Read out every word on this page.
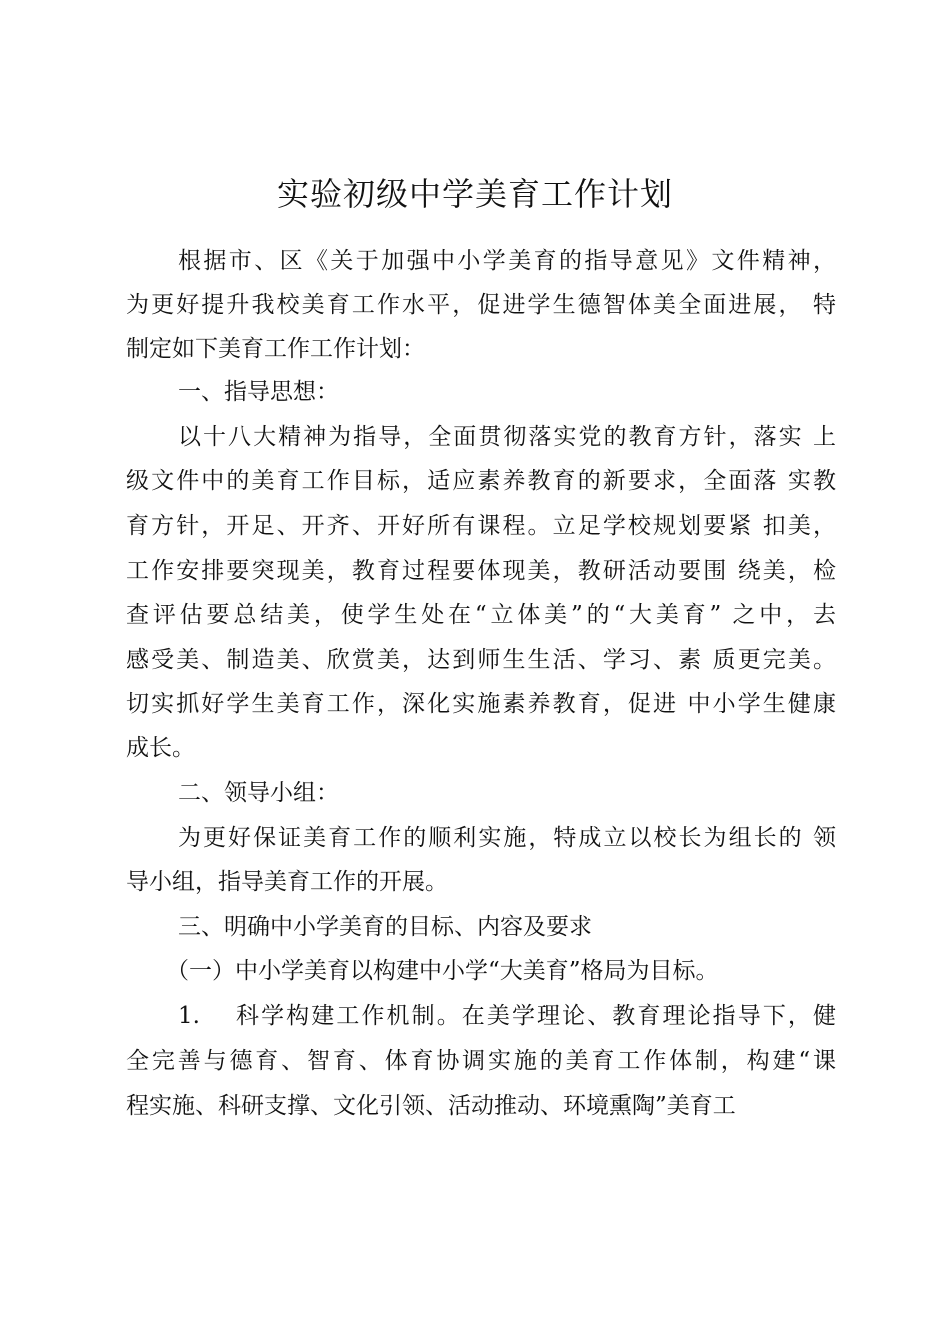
实验初级中学美育工作计划
根据市、区《关于加强中小学美育的指导意见》文件精神，
为更好提升我校美育工作水平，促进学生德智体美全面进展， 特
制定如下美育工作工作计划：
一、指导思想：
以十八大精神为指导，全面贯彻落实党的教育方针，落实 上
级文件中的美育工作目标，适应素养教育的新要求，全面落 实教
育方针，开足、开齐、开好所有课程。立足学校规划要紧 扣美，
工作安排要突现美，教育过程要体现美，教研活动要围 绕美，检
查评估要总结美，使学生处在“立体美”的“大美育” 之中，去
感受美、制造美、欣赏美，达到师生生活、学习、素 质更完美。
切实抓好学生美育工作，深化实施素养教育，促进 中小学生健康
成长。
二、领导小组：
为更好保证美育工作的顺利实施，特成立以校长为组长的 领
导小组，指导美育工作的开展。
三、明确中小学美育的目标、内容及要求
（一）中小学美育以构建中小学“大美育”格局为目标。
1.	科学构建工作机制。在美学理论、教育理论指导下，健
全完善与德育、智育、体育协调实施的美育工作体制，构建“课
程实施、科研支撑、文化引领、活动推动、环境熏陶”美育工
